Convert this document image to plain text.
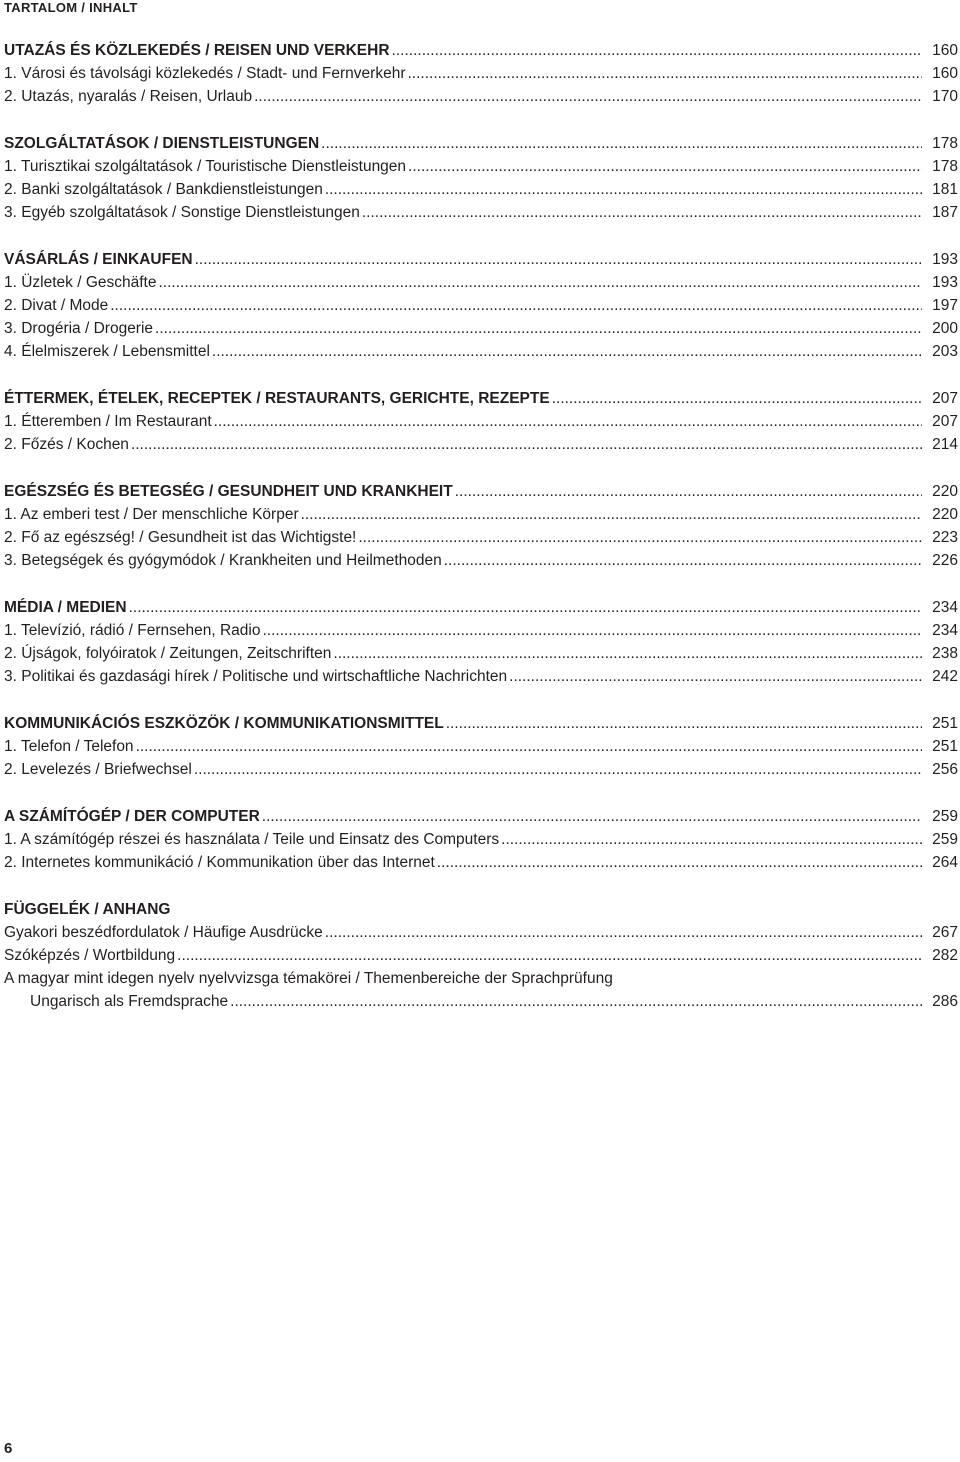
TARTALOM / INHALT
UTAZÁS ÉS KÖZLEKEDÉS / REISEN UND VERKEHR .....	160
1. Városi és távolsági közlekedés / Stadt- und Fernverkehr .....	160
2. Utazás, nyaralás / Reisen, Urlaub .....	170
SZOLGÁLTATÁSOK / DIENSTLEISTUNGEN .....	178
1. Turisztikai szolgáltatások / Touristische Dienstleistungen .....	178
2. Banki szolgáltatások / Bankdienstleistungen .....	181
3. Egyéb szolgáltatások / Sonstige Dienstleistungen .....	187
VÁSÁRLÁS / EINKAUFEN .....	193
1. Üzletek / Geschäfte .....	193
2. Divat / Mode .....	197
3. Drogéria / Drogerie .....	200
4. Élelmiszerek / Lebensmittel .....	203
ÉTTERMEK, ÉTELEK, RECEPTEK / RESTAURANTS, GERICHTE, REZEPTE .....	207
1. Étteremben / Im Restaurant .....	207
2. Főzés / Kochen .....	214
EGÉSZSÉG ÉS BETEGSÉG / GESUNDHEIT UND KRANKHEIT .....	220
1. Az emberi test / Der menschliche Körper .....	220
2. Fő az egészség! / Gesundheit ist das Wichtigste! .....	223
3. Betegségek és gyógymódok / Krankheiten und Heilmethoden .....	226
MÉDIA / MEDIEN .....	234
1. Televízió, rádió / Fernsehen, Radio .....	234
2. Újságok, folyóiratok / Zeitungen, Zeitschriften .....	238
3. Politikai és gazdasági hírek / Politische und wirtschaftliche Nachrichten .....	242
KOMMUNIKÁCIÓS ESZKÖZÖK / KOMMUNIKATIONSMITTEL .....	251
1. Telefon / Telefon .....	251
2. Levelezés / Briefwechsel .....	256
A SZÁMÍTÓGÉP / DER COMPUTER .....	259
1. A számítógép részei és használata / Teile und Einsatz des Computers .....	259
2. Internetes kommunikáció / Kommunikation über das Internet .....	264
FÜGGELÉK / ANHANG
Gyakori beszédfordulatok / Häufige Ausdrücke .....	267
Szóképzés / Wortbildung .....	282
A magyar mint idegen nyelv nyelvvizsga témakörei / Themenbereiche der Sprachprüfung
Ungarisch als Fremdsprache .....	286
6
